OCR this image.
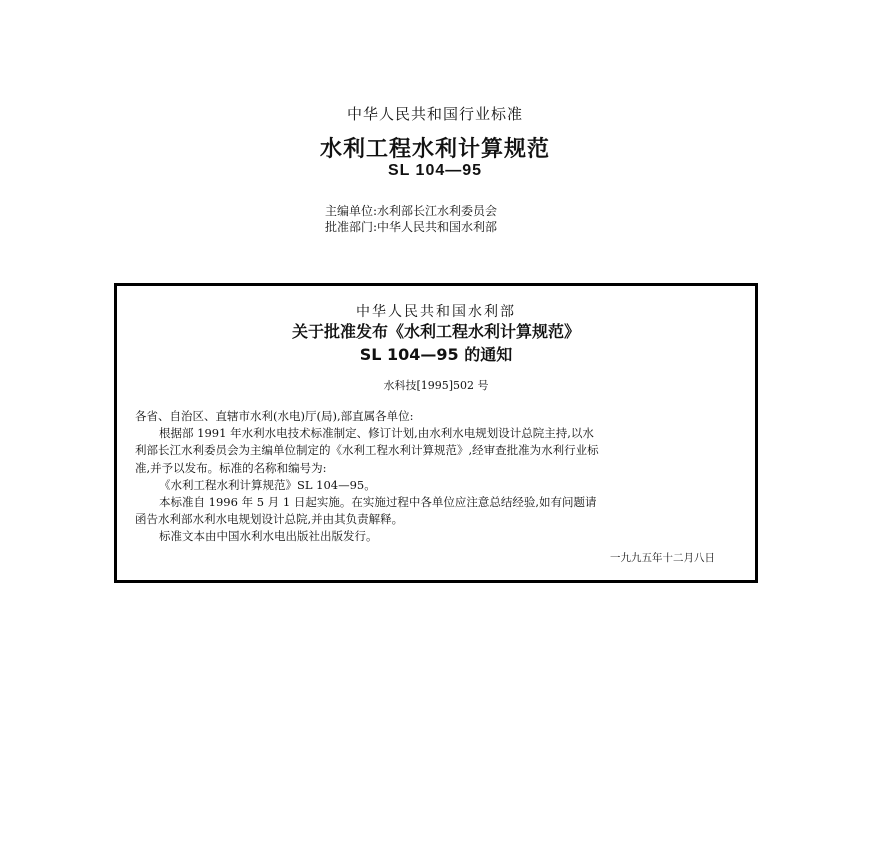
中华人民共和国行业标准
水利工程水利计算规范
SL 104—95
主编单位:水利部长江水利委员会
批准部门:中华人民共和国水利部
中华人民共和国水利部
关于批准发布《水利工程水利计算规范》
SL 104—95 的通知
水科技[1995]502 号

各省、自治区、直辖市水利(水电)厅(局),部直属各单位:

根据部 1991 年水利水电技术标准制定、修订计划,由水利水电规划设计总院主持,以水

利部长江水利委员会为主编单位制定的《水利工程水利计算规范》,经审查批准为水利行业标

准,并予以发布。标准的名称和编号为:

《水利工程水利计算规范》SL 104—95。

本标准自 1996 年 5 月 1 日起实施。在实施过程中各单位应注意总结经验,如有问题请

函告水利部水利水电规划设计总院,并由其负责解释。

标准文本由中国水利水电出版社出版发行。

一九九五年十二月八日
